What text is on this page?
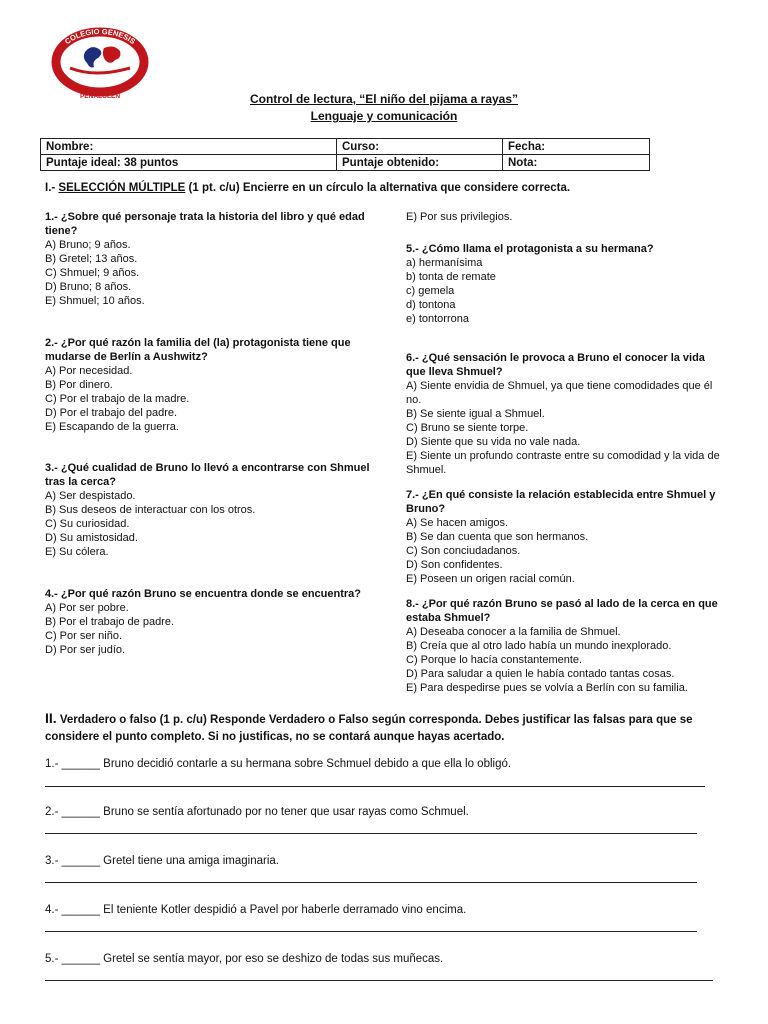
COLEGIO GENESIS
PEÑALOLEN	Control de lectura, “El niño del pijama a rayas”
Lenguaje y comunicación
Nombre:	Curso:	Fecha:
Puntaje ideal: 38 puntos	Puntaje obtenido:	Nota:
I.- SELECCIÓN MÚLTIPLE (1 pt. c/u) Encierre en un círculo la alternativa que considere correcta.
1.- ¿Sobre qué personaje trata la historia del libro y qué edad tiene?
A) Bruno; 9 años.
B) Gretel; 13 años.
C) Shmuel; 9 años.
D) Bruno; 8 años.
E) Shmuel; 10 años.
2.- ¿Por qué razón la familia del (la) protagonista tiene que mudarse de Berlín a Aushwitz?
A) Por necesidad.
B) Por dinero.
C) Por el trabajo de la madre.
D) Por el trabajo del padre.
E) Escapando de la guerra.
3.- ¿Qué cualidad de Bruno lo llevó a encontrarse con Shmuel tras la cerca?
A) Ser despistado.
B) Sus deseos de interactuar con los otros.
C) Su curiosidad.
D) Su amistosidad.
E) Su cólera.
4.- ¿Por qué razón Bruno se encuentra donde se encuentra?
A) Por ser pobre.
B) Por el trabajo de padre.
C) Por ser niño.
D) Por ser judío.
E) Por sus privilegios.
5.- ¿Cómo llama el protagonista a su hermana?
a) hermanísima
b) tonta de remate
c) gemela
d) tontona
e) tontorrona
6.- ¿Qué sensación le provoca a Bruno el conocer la vida que lleva Shmuel?
A) Siente envidia de Shmuel, ya que tiene comodidades que él no.
B) Se siente igual a Shmuel.
C) Bruno se siente torpe.
D) Siente que su vida no vale nada.
E) Siente un profundo contraste entre su comodidad y la vida de Shmuel.
7.- ¿En qué consiste la relación establecida entre Shmuel y Bruno?
A) Se hacen amigos.
B) Se dan cuenta que son hermanos.
C) Son conciudadanos.
D) Son confidentes.
E) Poseen un origen racial común.
8.- ¿Por qué razón Bruno se pasó al lado de la cerca en que estaba Shmuel?
A) Deseaba conocer a la familia de Shmuel.
B) Creía que al otro lado había un mundo inexplorado.
C) Porque lo hacía constantemente.
D) Para saludar a quien le había contado tantas cosas.
E) Para despedirse pues se volvía a Berlín con su familia.
II. Verdadero o falso (1 p. c/u) Responde Verdadero o Falso según corresponda. Debes justificar las falsas para que se considere el punto completo. Si no justificas, no se contará aunque hayas acertado.
1.- ______ Bruno decidió contarle a su hermana sobre Schmuel debido a que ella lo obligó.
2.- ______ Bruno se sentía afortunado por no tener que usar rayas como Schmuel.
3.- ______ Gretel tiene una amiga imaginaria.
4.- ______ El teniente Kotler despidió a Pavel por haberle derramado vino encima.
5.- ______ Gretel se sentía mayor, por eso se deshizo de todas sus muñecas.
